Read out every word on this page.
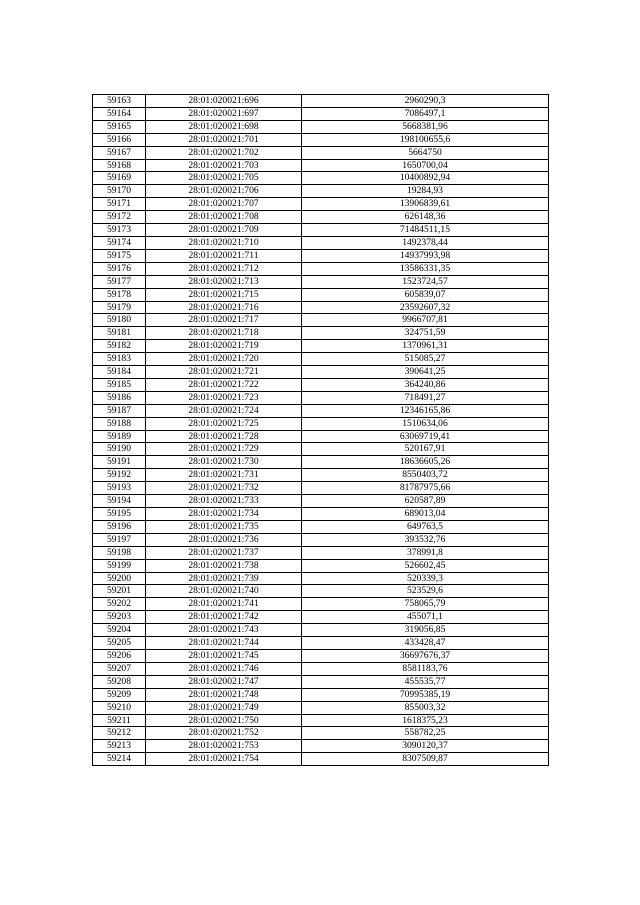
59163	28:01:020021:696	2960290,3
59164	28:01:020021:697	7086497,1
59165	28:01:020021:698	5668381,96
59166	28:01:020021:701	198100655,6
59167	28:01:020021:702	5664750
59168	28:01:020021:703	1650700,04
59169	28:01:020021:705	10400892,94
59170	28:01:020021:706	19284,93
59171	28:01:020021:707	13906839,61
59172	28:01:020021:708	626148,36
59173	28:01:020021:709	71484511,15
59174	28:01:020021:710	1492378,44
59175	28:01:020021:711	14937993,98
59176	28:01:020021:712	13586331,35
59177	28:01:020021:713	1523724,57
59178	28:01:020021:715	605839,07
59179	28:01:020021:716	23592607,32
59180	28:01:020021:717	9966707,81
59181	28:01:020021:718	324751,59
59182	28:01:020021:719	1370961,31
59183	28:01:020021:720	515085,27
59184	28:01:020021:721	390641,25
59185	28:01:020021:722	364240,86
59186	28:01:020021:723	718491,27
59187	28:01:020021:724	12346165,86
59188	28:01:020021:725	1510634,06
59189	28:01:020021:728	63069719,41
59190	28:01:020021:729	520167,91
59191	28:01:020021:730	18636605,26
59192	28:01:020021:731	8550403,72
59193	28:01:020021:732	81787975,66
59194	28:01:020021:733	620587,89
59195	28:01:020021:734	689013,04
59196	28:01:020021:735	649763,5
59197	28:01:020021:736	393532,76
59198	28:01:020021:737	378991,8
59199	28:01:020021:738	526602,45
59200	28:01:020021:739	520339,3
59201	28:01:020021:740	523529,6
59202	28:01:020021:741	758065,79
59203	28:01:020021:742	455071,1
59204	28:01:020021:743	319056,85
59205	28:01:020021:744	433428,47
59206	28:01:020021:745	36697676,37
59207	28:01:020021:746	8581183,76
59208	28:01:020021:747	455535,77
59209	28:01:020021:748	70995385,19
59210	28:01:020021:749	855003,32
59211	28:01:020021:750	1618375,23
59212	28:01:020021:752	558782,25
59213	28:01:020021:753	3090120,37
59214	28:01:020021:754	8307509,87
